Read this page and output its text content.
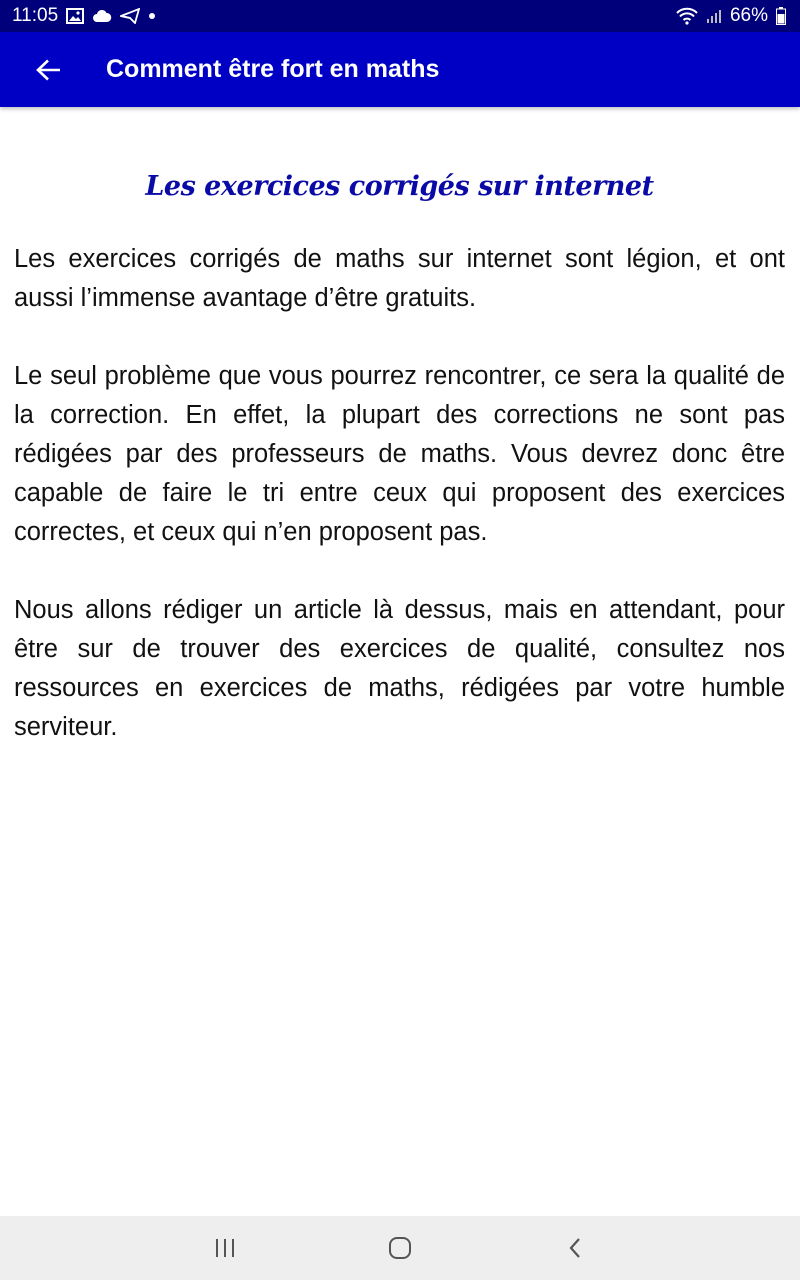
11:05	66%
Comment être fort en maths
Les exercices corrigés sur internet

Les exercices corrigés de maths sur internet sont légion, et ont aussi l’immense avantage d’être gratuits.

Le seul problème que vous pourrez rencontrer, ce sera la qualité de la correction. En effet, la plupart des corrections ne sont pas rédigées par des professeurs de maths. Vous devrez donc être capable de faire le tri entre ceux qui proposent des exercices correctes, et ceux qui n’en proposent pas.

Nous allons rédiger un article là dessus, mais en attendant, pour être sur de trouver des exercices de qualité, consultez nos ressources en exercices de maths, rédigées par votre humble serviteur.
